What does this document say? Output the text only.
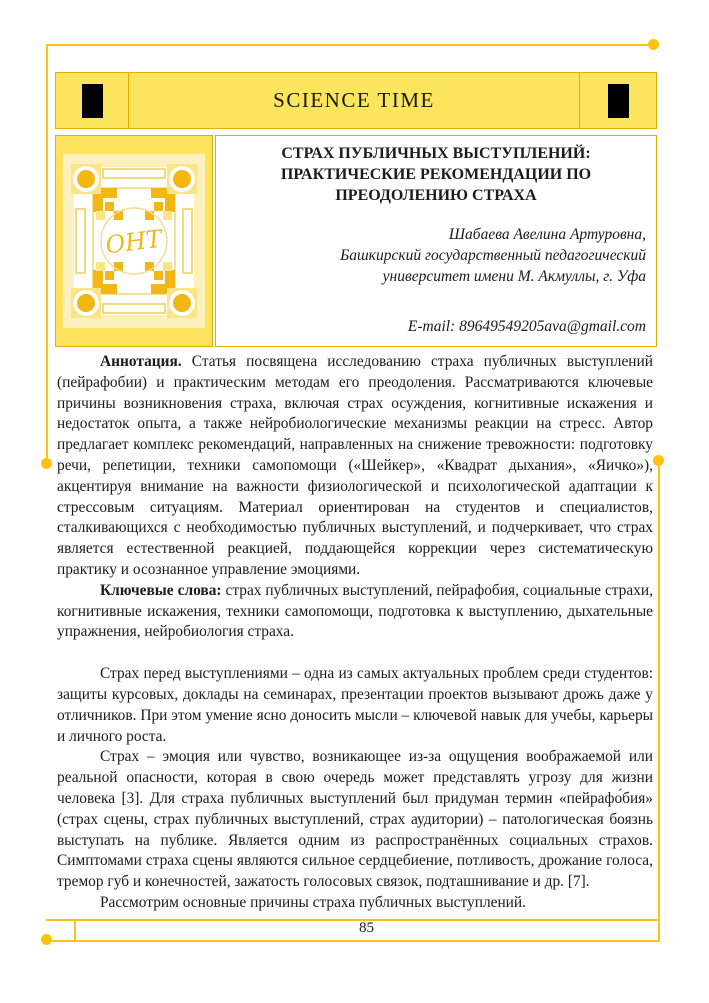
SCIENCE TIME
ОНТ
СТРАХ ПУБЛИЧНЫХ ВЫСТУПЛЕНИЙ:
ПРАКТИЧЕСКИЕ РЕКОМЕНДАЦИИ ПО
ПРЕОДОЛЕНИЮ СТРАХА
Шабаева Авелина Артуровна,
Башкирский государственный педагогический
университет имени М. Акмуллы, г. Уфа
E-mail: 89649549205ava@gmail.com

Аннотация. Статья посвящена исследованию страха публичных выступлений (пейрафобии) и практическим методам его преодоления. Рассматриваются ключевые причины возникновения страха, включая страх осуждения, когнитивные искажения и недостаток опыта, а также нейробиологические механизмы реакции на стресс. Автор предлагает комплекс рекомендаций, направленных на снижение тревожности: подготовку речи, репетиции, техники самопомощи («Шейкер», «Квадрат дыхания», «Яичко»), акцентируя внимание на важности физиологической и психологической адаптации к стрессовым ситуациям. Материал ориентирован на студентов и специалистов, сталкивающихся с необходимостью публичных выступлений, и подчеркивает, что страх является естественной реакцией, поддающейся коррекции через систематическую практику и осознанное управление эмоциями.

Ключевые слова: страх публичных выступлений, пейрафобия, социальные страхи, когнитивные искажения, техники самопомощи, подготовка к выступлению, дыхательные упражнения, нейробиология страха.

Страх перед выступлениями – одна из самых актуальных проблем среди студентов: защиты курсовых, доклады на семинарах, презентации проектов вызывают дрожь даже у отличников. При этом умение ясно доносить мысли – ключевой навык для учебы, карьеры и личного роста.

Страх – эмоция или чувство, возникающее из-за ощущения воображаемой или реальной опасности, которая в свою очередь может представлять угрозу для жизни человека [3]. Для страха публичных выступлений был придуман термин «пейрафо́бия» (страх сцены, страх публичных выступлений, страх аудитории) – патологическая боязнь выступать на публике. Является одним из распространённых социальных страхов. Симптомами страха сцены являются сильное сердцебиение, потливость, дрожание голоса, тремор губ и конечностей, зажатость голосовых связок, подташнивание и др. [7].

Рассмотрим основные причины страха публичных выступлений.

85
